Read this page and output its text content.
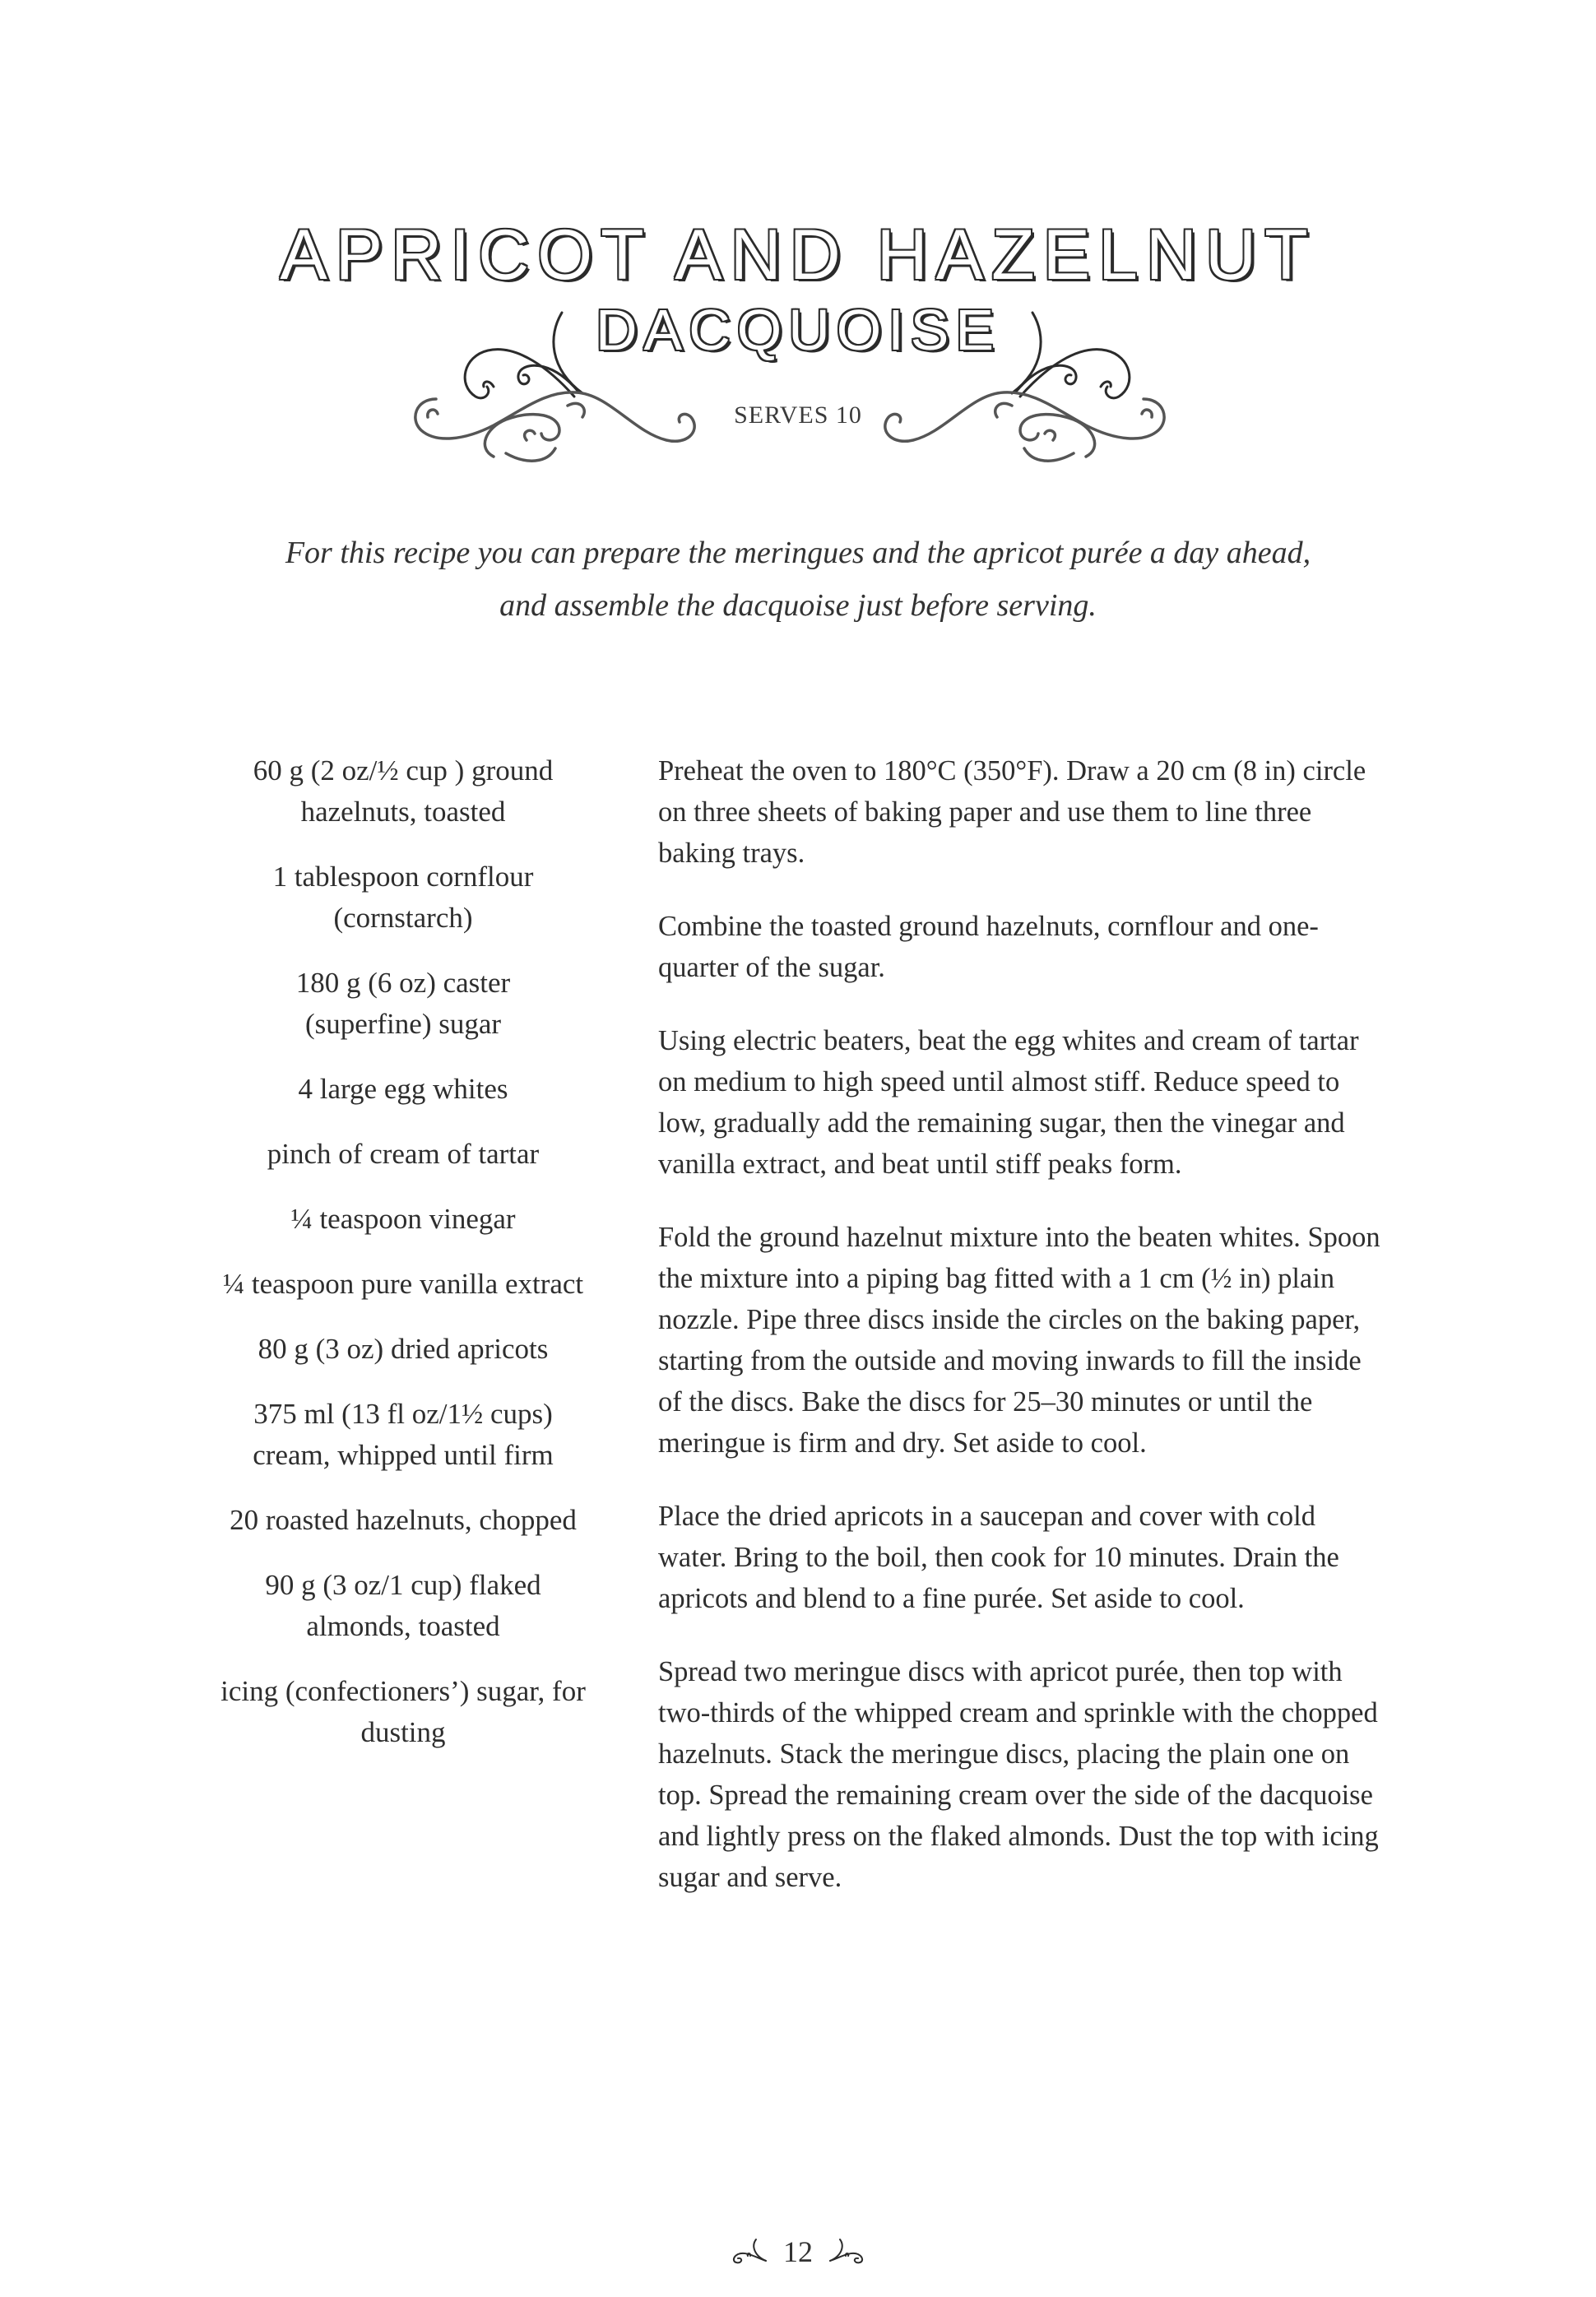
APRICOT AND HAZELNUT
DACQUOISE
SERVES 10
For this recipe you can prepare the meringues and the apricot purée a day ahead,
and assemble the dacquoise just before serving.
60 g (2 oz/½ cup ) ground hazelnuts, toasted
1 tablespoon cornflour (cornstarch)
180 g (6 oz) caster (superfine) sugar
4 large egg whites
pinch of cream of tartar
¼ teaspoon vinegar
¼ teaspoon pure vanilla extract
80 g (3 oz) dried apricots
375 ml (13 fl oz/1½ cups) cream, whipped until firm
20 roasted hazelnuts, chopped
90 g (3 oz/1 cup) flaked almonds, toasted
icing (confectioners’) sugar, for dusting

Preheat the oven to 180°C (350°F). Draw a 20 cm (8 in) circle on three sheets of baking paper and use them to line three baking trays.

Combine the toasted ground hazelnuts, cornflour and one-quarter of the sugar.

Using electric beaters, beat the egg whites and cream of tartar on medium to high speed until almost stiff. Reduce speed to low, gradually add the remaining sugar, then the vinegar and vanilla extract, and beat until stiff peaks form.

Fold the ground hazelnut mixture into the beaten whites. Spoon the mixture into a piping bag fitted with a 1 cm (½ in) plain nozzle. Pipe three discs inside the circles on the baking paper, starting from the outside and moving inwards to fill the inside of the discs. Bake the discs for 25–30 minutes or until the meringue is firm and dry. Set aside to cool.

Place the dried apricots in a saucepan and cover with cold water. Bring to the boil, then cook for 10 minutes. Drain the apricots and blend to a fine purée. Set aside to cool.

Spread two meringue discs with apricot purée, then top with two-thirds of the whipped cream and sprinkle with the chopped hazelnuts. Stack the meringue discs, placing the plain one on top. Spread the remaining cream over the side of the dacquoise and lightly press on the flaked almonds. Dust the top with icing sugar and serve.

12
